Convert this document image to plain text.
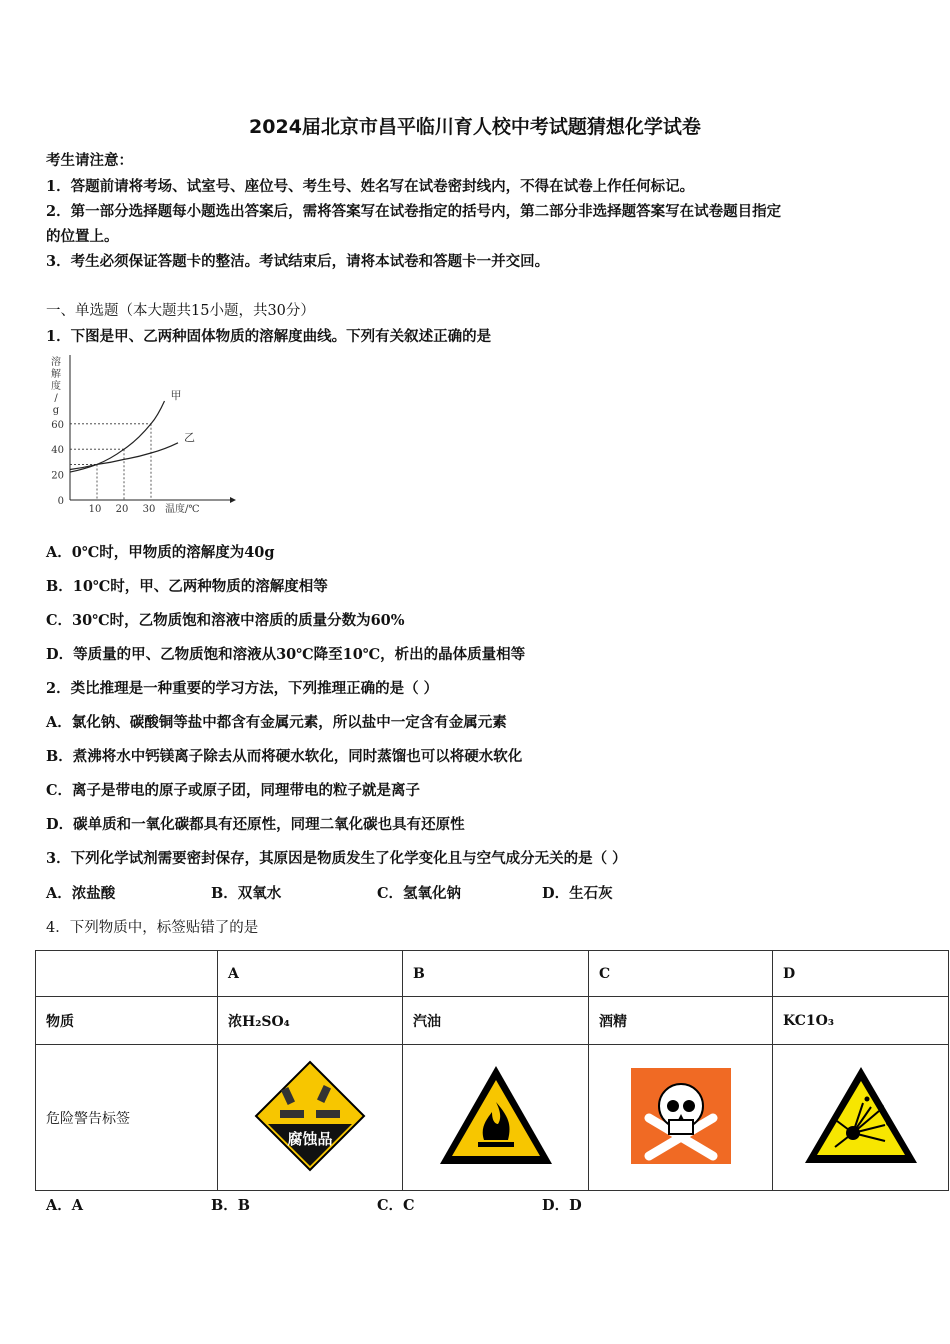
2024届北京市昌平临川育人校中考试题猜想化学试卷
考生请注意：
1．答题前请将考场、试室号、座位号、考生号、姓名写在试卷密封线内，不得在试卷上作任何标记。
2．第一部分选择题每小题选出答案后，需将答案写在试卷指定的括号内，第二部分非选择题答案写在试卷题目指定
的位置上。
3．考生必须保证答题卡的整洁。考试结束后，请将本试卷和答题卡一并交回。
一、单选题（本大题共15小题，共30分）
1．下图是甲、乙两种固体物质的溶解度曲线。下列有关叙述正确的是
溶
解
度
/
g
0
20
40
60
10 20 30 温度/℃
甲
乙
A．0℃时，甲物质的溶解度为40g
B．10℃时，甲、乙两种物质的溶解度相等
C．30℃时，乙物质饱和溶液中溶质的质量分数为60%
D．等质量的甲、乙物质饱和溶液从30℃降至10℃，析出的晶体质量相等
2．类比推理是一种重要的学习方法，下列推理正确的是（ ）
A．氯化钠、碳酸铜等盐中都含有金属元素，所以盐中一定含有金属元素
B．煮沸将水中钙镁离子除去从而将硬水软化，同时蒸馏也可以将硬水软化
C．离子是带电的原子或原子团，同理带电的粒子就是离子
D．碳单质和一氧化碳都具有还原性，同理二氧化碳也具有还原性
3．下列化学试剂需要密封保存，其原因是物质发生了化学变化且与空气成分无关的是（ ）
A．浓盐酸	B．双氧水	C．氢氧化钠	D．生石灰
4．下列物质中，标签贴错了的是
	A	B	C	D
物质	浓H₂SO₄	汽油	酒精	KC1O₃
危险警告标签	腐蚀品

A．A	B．B	C．C	D．D
